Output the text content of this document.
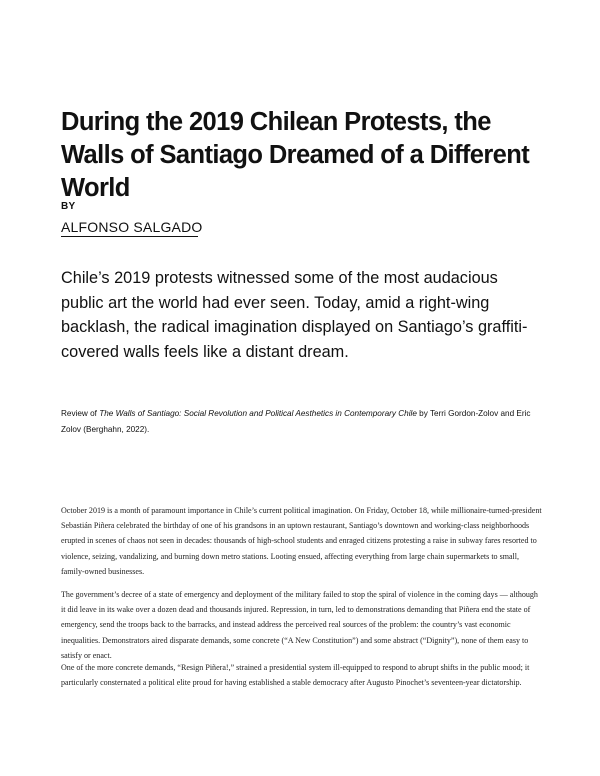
During the 2019 Chilean Protests, the Walls of Santiago Dreamed of a Different World
BY
ALFONSO SALGADO

Chile’s 2019 protests witnessed some of the most audacious public art the world had ever seen. Today, amid a right-wing backlash, the radical imagination displayed on Santiago’s graffiti-covered walls feels like a distant dream.

Review of The Walls of Santiago: Social Revolution and Political Aesthetics in Contemporary Chile by Terri Gordon-Zolov and Eric Zolov (Berghahn, 2022).

October 2019 is a month of paramount importance in Chile’s current political imagination. On Friday, October 18, while millionaire-turned-president Sebastián Piñera celebrated the birthday of one of his grandsons in an uptown restaurant, Santiago’s downtown and working-class neighborhoods erupted in scenes of chaos not seen in decades: thousands of high-school students and enraged citizens protesting a raise in subway fares resorted to violence, seizing, vandalizing, and burning down metro stations. Looting ensued, affecting everything from large chain supermarkets to small, family-owned businesses.

The government’s decree of a state of emergency and deployment of the military failed to stop the spiral of violence in the coming days — although it did leave in its wake over a dozen dead and thousands injured. Repression, in turn, led to demonstrations demanding that Piñera end the state of emergency, send the troops back to the barracks, and instead address the perceived real sources of the problem: the country’s vast economic inequalities. Demonstrators aired disparate demands, some concrete (“A New Constitution”) and some abstract (“Dignity”), none of them easy to satisfy or enact.

One of the more concrete demands, “Resign Piñera!,” strained a presidential system ill-equipped to respond to abrupt shifts in the public mood; it particularly consternated a political elite proud for having established a stable democracy after Augusto Pinochet’s seventeen-year dictatorship.
